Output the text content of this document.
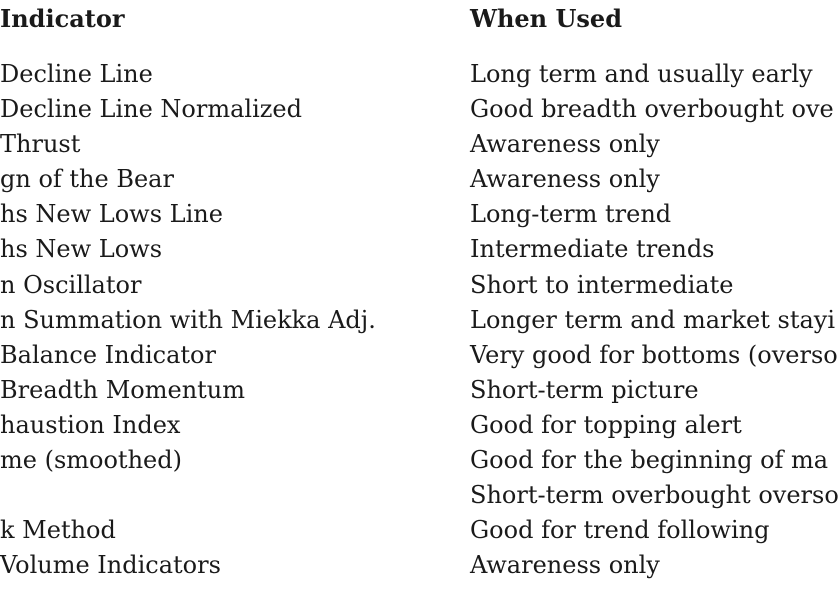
Indicator
Decline Line
Decline Line Normalized
Thrust
gn of the Bear
hs New Lows Line
hs New Lows
n Oscillator
n Summation with Miekka Adj.
Balance Indicator
Breadth Momentum
haustion Index
me (smoothed)
k Method
Volume Indicators
When Used
Long term and usually early
Good breadth overbought ove
Awareness only
Awareness only
Long-term trend
Intermediate trends
Short to intermediate
Longer term and market stayi
Very good for bottoms (overso
Short-term picture
Good for topping alert
Good for the beginning of ma
Short-term overbought overso
Good for trend following
Awareness only
